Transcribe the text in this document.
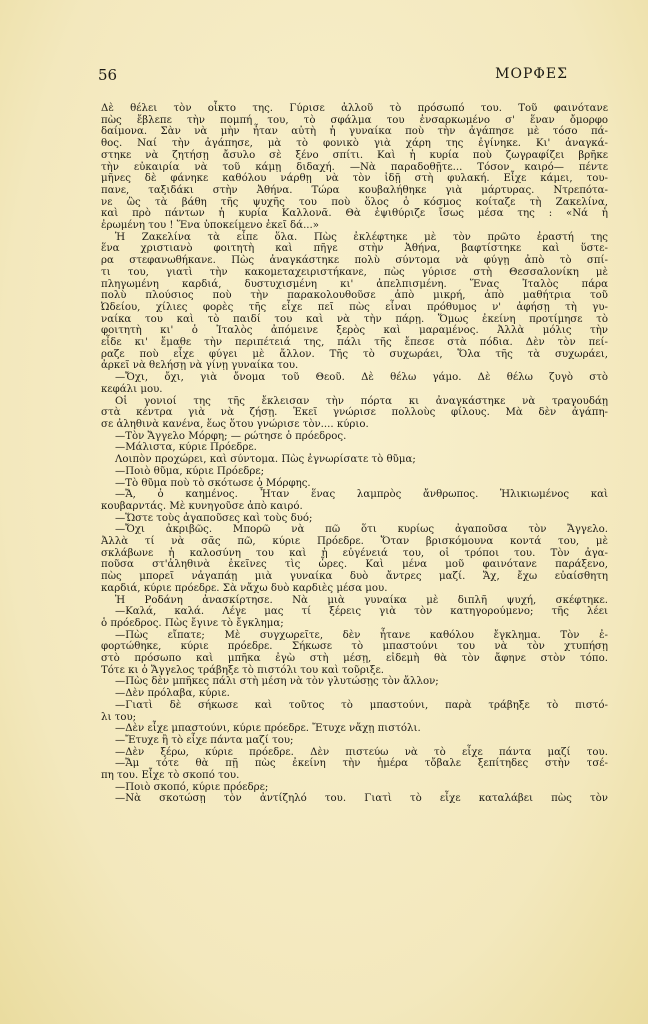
56	ΜΟΡΦΕΣ
Δὲ θέλει τὸν οἶκτο της. Γύρισε ἀλλοῦ τὸ πρόσωπό του. Τοῦ φαινότανε
πὼς ἔβλεπε τὴν πομπή του, τὸ σφάλμα του ἐνσαρκωμένο σ' ἕναν ὄμορφο
δαίμονα. Σὰν νὰ μὴν ἦταν αὐτὴ ἡ γυναίκα ποὺ τὴν ἀγάπησε μὲ τόσο πά-
θος. Ναί τὴν ἀγάπησε, μὰ τὸ φονικὸ γιὰ χάρη της ἐγίνηκε. Κι' ἀναγκά-
στηκε νὰ ζητήσῃ ἄσυλο σὲ ξένο σπίτι. Καὶ ἡ κυρία ποὺ ζωγραφίζει βρῆκε
τὴν εὐκαιρία νὰ τοῦ κάμῃ διδαχή. —Νὰ παραδοθῇτε... Τόσον καιρό— πέντε
μῆνες δὲ φάνηκε καθόλου νάρθῃ νὰ τὸν ἰδῇ στὴ φυλακή. Εἶχε κάμει, του-
πανε, ταξιδάκι στὴν Ἀθήνα. Τώρα κουβαλήθηκε γιὰ μάρτυρας. Ντρεπότα-
νε ὣς τὰ βάθη τῆς ψυχῆς του ποὺ ὅλος ὁ κόσμος κοίταζε τὴ Ζακελίνα,
καὶ πρὸ πάντων ἡ κυρία Καλλονᾶ. Θὰ ἐψιθύριζε ἴσως μέσα της : «Νά ἡ
ἐρωμένη του ! Ἕνα ὑποκείμενο ἐκεῖ δά...»
Ἡ Ζακελίνα τὰ εἶπε ὅλα. Πὼς ἐκλέφτηκε μὲ τὸν πρῶτο ἐραστή της
ἕνα χριστιανὸ φοιτητὴ καὶ πῆγε στὴν Ἀθήνα, βαφτίστηκε καὶ ὕστε-
ρα στεφανωθήκανε. Πὼς ἀναγκάστηκε πολὺ σύντομα νὰ φύγῃ ἀπὸ τὸ σπί-
τι του, γιατὶ τὴν κακομεταχειριστήκανε, πὼς γύρισε στὴ Θεσσαλονίκη μὲ
πληγωμένη καρδιά, δυστυχισμένη κι' ἀπελπισμένη. Ἕνας Ἰταλὸς πάρα
πολὺ πλούσιος ποὺ τὴν παρακολουθοῦσε ἀπὸ μικρή, ἀπὸ μαθήτρια τοῦ
Ὠδείου, χίλιες φορὲς τῆς εἶχε πεῖ πὼς εἶναι πρόθυμος ν' ἀφήσῃ τὴ γυ-
ναίκα του καὶ τὸ παιδί του καὶ νὰ τὴν πάρῃ. Ὅμως ἐκείνη προτίμησε τὸ
φοιτητὴ κι' ὁ Ἰταλὸς ἀπόμεινε ξερὸς καὶ μαραμένος. Ἀλλὰ μόλις τὴν
εἶδε κι' ἔμαθε τὴν περιπέτειά της, πάλι τῆς ἔπεσε στὰ πόδια. Δὲν τὸν πεί-
ραζε ποὺ εἶχε φύγει μὲ ἄλλον. Τῆς τὸ συχωράει, Ὅλα τῆς τὰ συχωράει,
ἀρκεῖ νὰ θελήσῃ νὰ γίνῃ γυναίκα του.
—Ὄχι, ὄχι, γιὰ ὄνομα τοῦ Θεοῦ. Δὲ θέλω γάμο. Δὲ θέλω ζυγὸ στὸ
κεφάλι μου.
Οἱ γονιοί της τῆς ἔκλεισαν τὴν πόρτα κι ἀναγκάστηκε νὰ τραγουδάῃ
στὰ κέντρα γιὰ νὰ ζήσῃ. Ἐκεῖ γνώρισε πολλοὺς φίλους. Μὰ δὲν ἀγάπη-
σε ἀληθινὰ κανένα, ἕως ὅτου γνώρισε τὸν.... κύριο.
—Τὸν Ἄγγελο Μόρφη; — ρώτησε ὁ πρόεδρος.
—Μάλιστα, κύριε Πρόεδρε.
Λοιπὸν προχώρει, καὶ σύντομα. Πὼς ἐγνωρίσατε τὸ θῦμα;
—Ποιὸ θῦμα, κύριε Πρόεδρε;
—Τὸ θῦμα ποὺ τὸ σκότωσε ὁ Μόρφης.
—Ἄ, ὁ καημένος. Ἦταν ἕνας λαμπρὸς ἄνθρωπος. Ἡλικιωμένος καὶ
κουβαρντάς. Μὲ κυνηγοῦσε ἀπὸ καιρό.
—Ὥστε τοὺς ἀγαποῦσες καὶ τοὺς δυό;
—Ὄχι ἀκριβῶς. Μπορῶ νὰ πῶ ὅτι κυρίως ἀγαποῦσα τὸν Ἄγγελο.
Ἀλλὰ τί νὰ σᾶς πῶ, κύριε Πρόεδρε. Ὅταν βρισκόμουνα κοντά του, μὲ
σκλάβωνε ἡ καλοσύνη του καὶ ἡ εὐγένειά του, οἱ τρόποι του. Τὸν ἀγα-
ποῦσα στ'ἀληθινὰ ἐκεῖνες τὶς ὧρες. Καὶ μένα μοῦ φαινότανε παράξενο,
πὼς μπορεῖ νἀγαπάῃ μιὰ γυναίκα δυὸ ἄντρες μαζί. Ἄχ, ἔχω εὐαίσθητη
καρδιά, κύριε πρόεδρε. Σὰ νἄχω δυὸ καρδιὲς μέσα μου.
Ἡ Ροδάνη ἀνασκίρτησε. Νὰ μιὰ γυναίκα μὲ διπλῆ ψυχή, σκέφτηκε.
—Καλά, καλά. Λέγε μας τί ξέρεις γιὰ τὸν κατηγορούμενο; τῆς λέει
ὁ πρόεδρος. Πὼς ἔγινε τὸ ἔγκλημα;
—Πὼς εἴπατε; Μὲ συγχωρεῖτε, δὲν ἦτανε καθόλου ἔγκλημα. Τὸν ἐ-
φορτώθηκε, κύριε πρόεδρε. Σήκωσε τὸ μπαστούνι του νὰ τὸν χτυπήσῃ
στὸ πρόσωπο καὶ μπῆκα ἐγὼ στὴ μέσῃ, εἰδεμὴ θὰ τὸν ἄφηνε στὸν τόπο.
Τότε κι ὁ Ἄγγελος τράβηξε τὸ πιστόλι του καὶ τοῦριξε.
—Πὼς δὲν μπῆκες πάλι στὴ μέση νὰ τὸν γλυτώσῃς τὸν ἄλλον;
—Δὲν πρόλαβα, κύριε.
—Γιατὶ δὲ σήκωσε καὶ τοῦτος τὸ μπαστούνι, παρὰ τράβηξε τὸ πιστό-
λι του;
—Δὲν εἶχε μπαστούνι, κύριε πρόεδρε. Ἔτυχε νἄχῃ πιστόλι.
—Ἔτυχε ἢ τὸ εἶχε πάντα μαζί του;
—Δὲν ξέρω, κύριε πρόεδρε. Δὲν πιστεύω νὰ τὸ εἶχε πάντα μαζί του.
—Ἄμ τότε θὰ πῇ πὼς ἐκείνη τὴν ἡμέρα τὄβαλε ξεπίτηδες στὴν τσέ-
πη του. Εἶχε τὸ σκοπό του.
—Ποιὸ σκοπό, κύριε πρόεδρε;
—Νὰ σκοτώσῃ τὸν ἀντίζηλό του. Γιατὶ τὸ εἶχε καταλάβει πὼς τὸν
